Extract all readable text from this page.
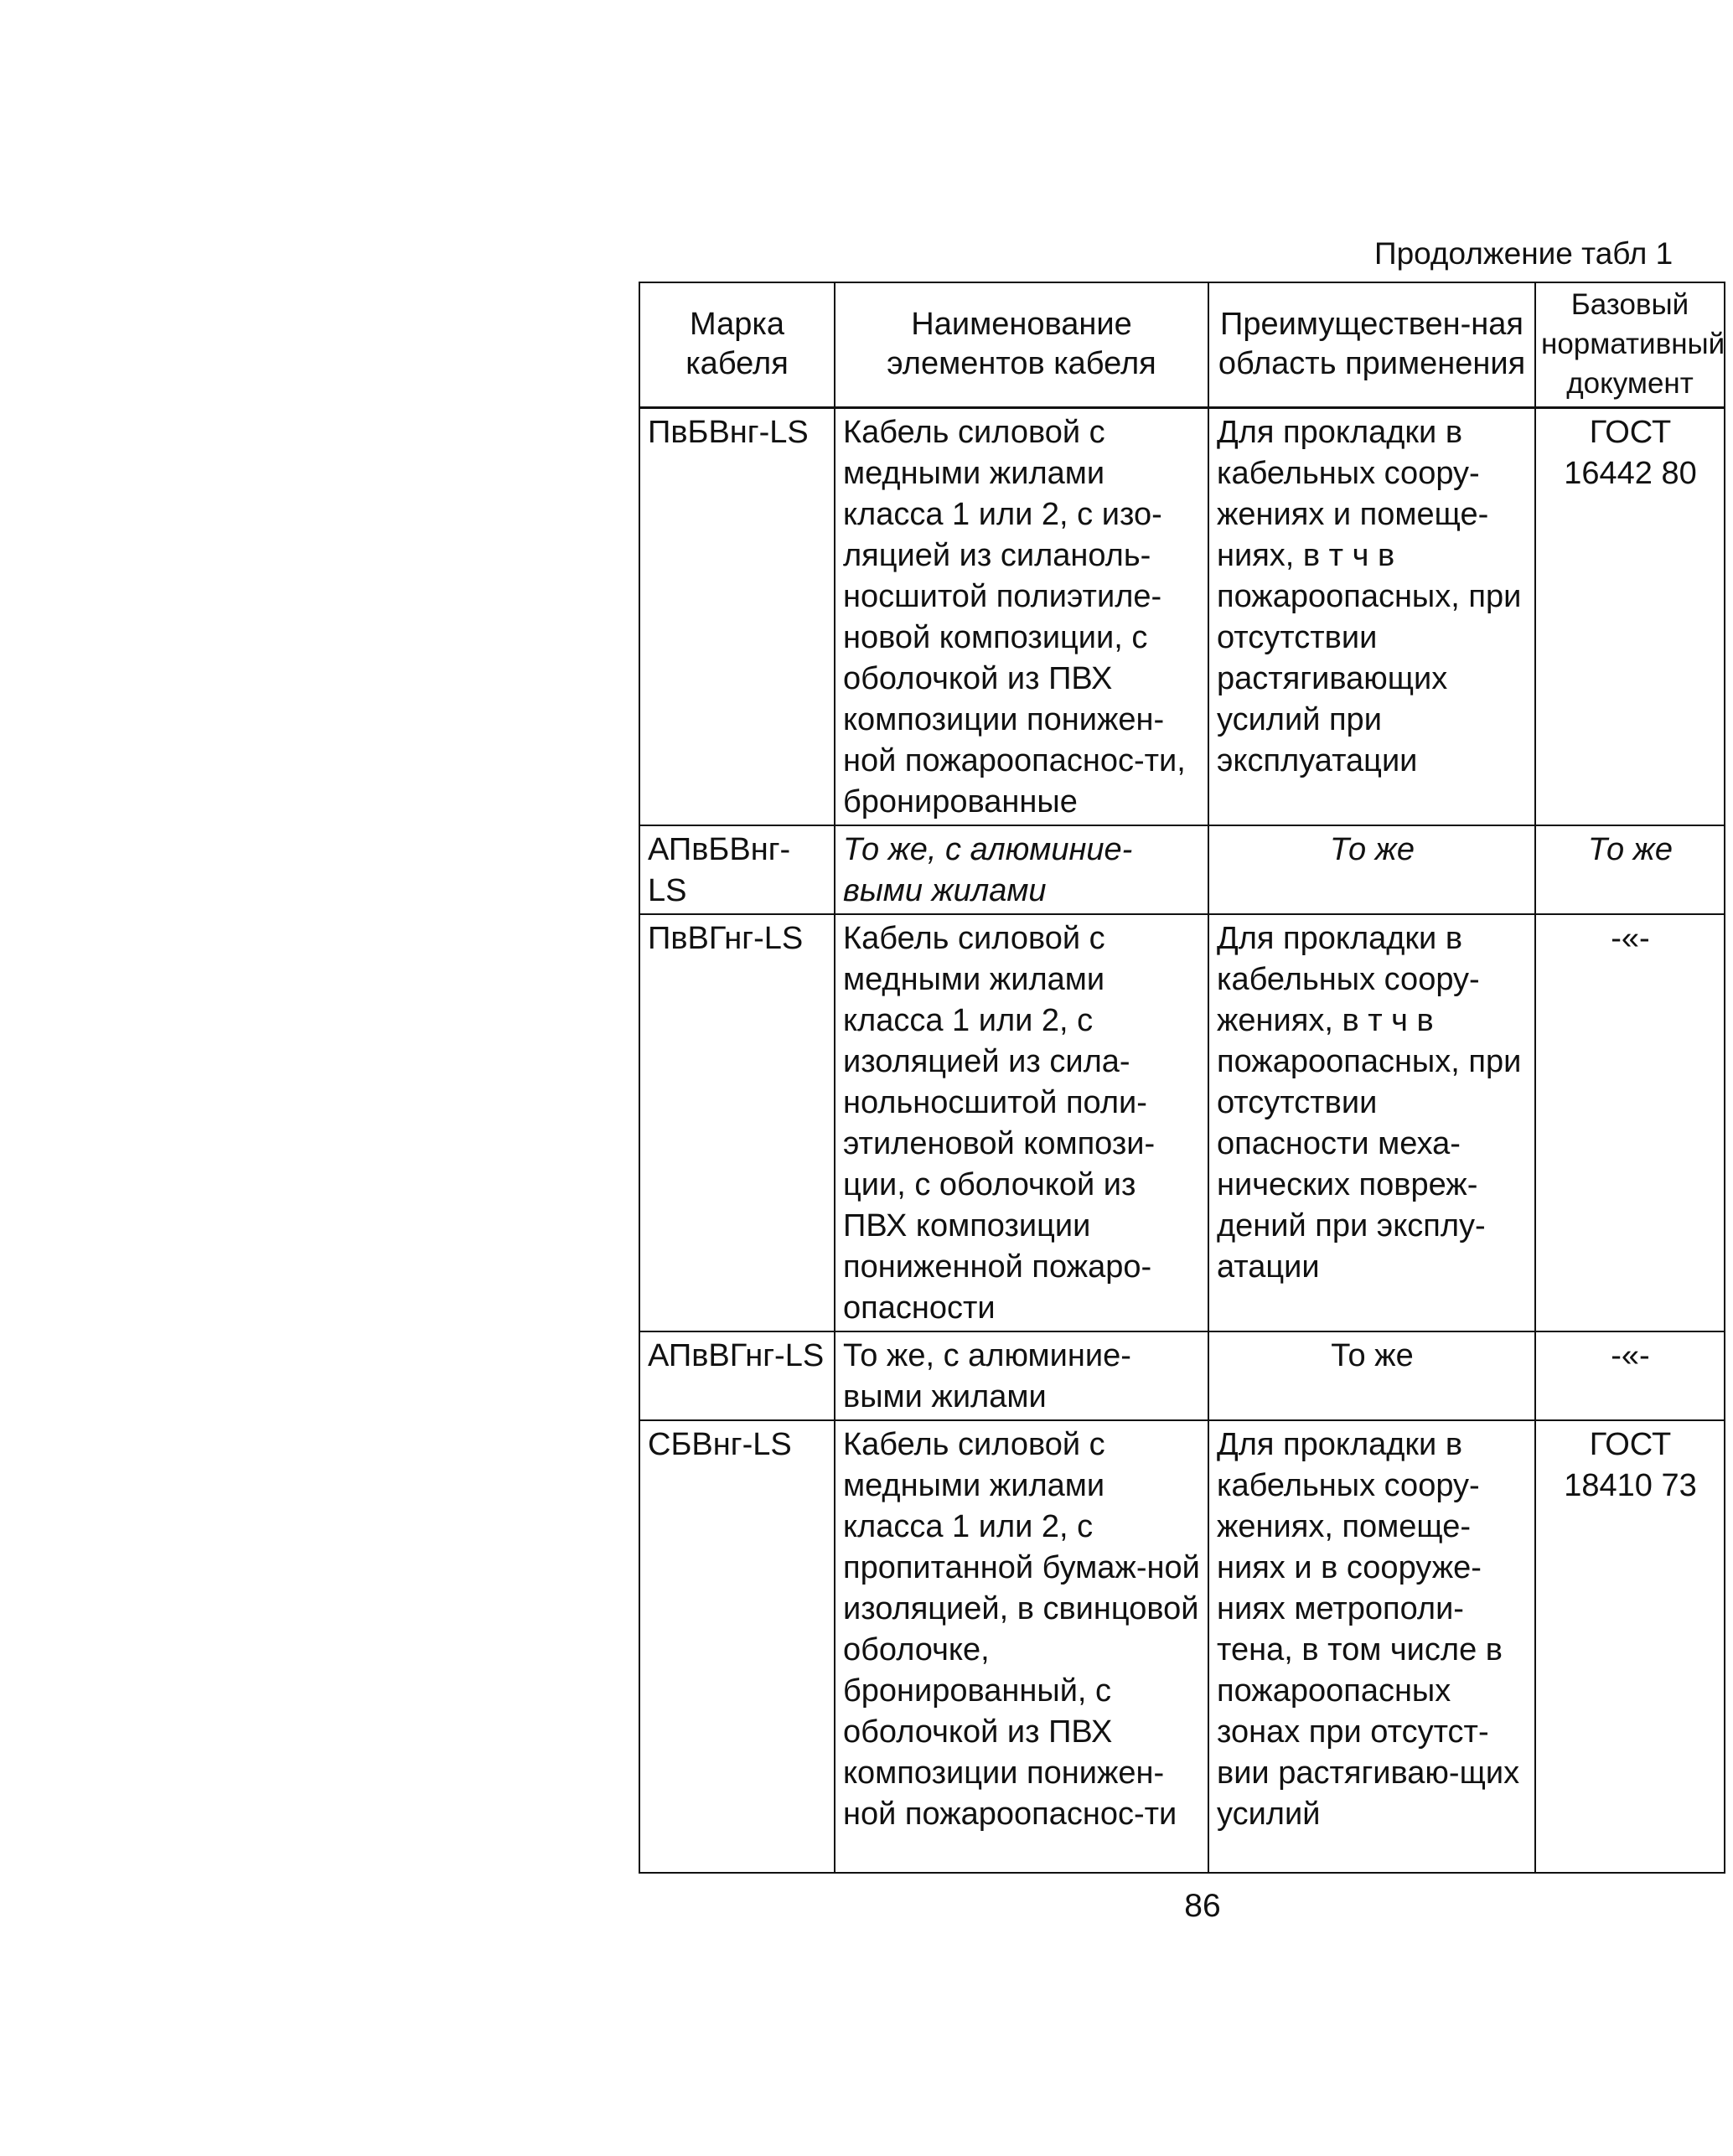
Продолжение табл 1
Марка кабеля	Наименование элементов кабеля	Преимуществен-ная область применения	Базовый нормативный документ
ПвБВнг-LS	Кабель силовой с медными жилами класса 1 или 2, с изо-ляцией из силаноль-носшитой полиэтиле-новой композиции, с оболочкой из ПВХ композиции понижен-ной пожароопаснос-ти, бронированные	Для прокладки в кабельных соору-жениях и помеще-ниях, в т ч в пожароопасных, при отсутствии растягивающих усилий при эксплуатации	ГОСТ 16442 80
АПвБВнг-LS	То же, с алюминие-выми жилами	То же	То же
ПвВГнг-LS	Кабель силовой с медными жилами класса 1 или 2, с изоляцией из сила-нольносшитой поли-этиленовой компози-ции, с оболочкой из ПВХ композиции пониженной пожаро-опасности	Для прокладки в кабельных соору-жениях, в т ч в пожароопасных, при отсутствии опасности меха-нических повреж-дений при эксплу-атации	-«-
АПвВГнг-LS	То же, с алюминие-выми жилами	То же	-«-
СБВнг-LS	Кабель силовой с медными жилами класса 1 или 2, с пропитанной бумаж-ной изоляцией, в свинцовой оболочке, бронированный, с оболочкой из ПВХ композиции понижен-ной пожароопаснос-ти	Для прокладки в кабельных соору-жениях, помеще-ниях и в сооруже-ниях метрополи-тена, в том числе в пожароопасных зонах при отсутст-вии растягиваю-щих усилий	ГОСТ 18410 73
86
